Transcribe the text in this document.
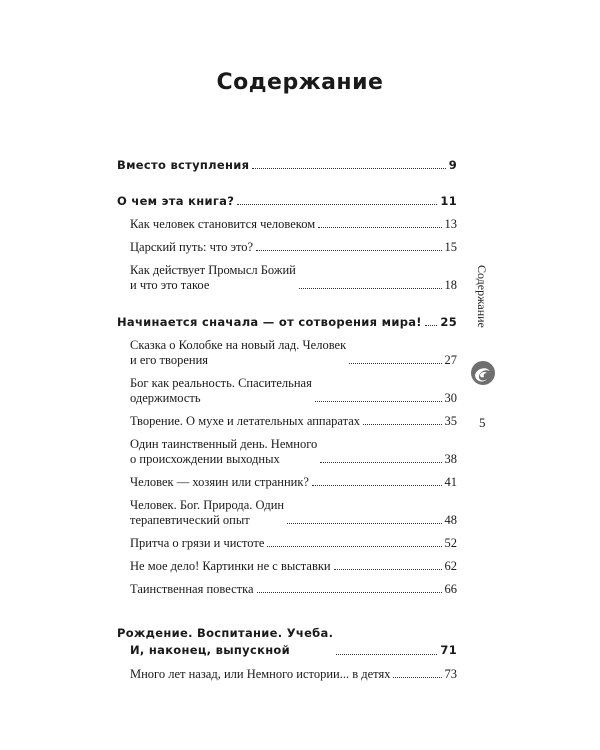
Содержание
Вместо вступления	9
О чем эта книга?	11
Как человек становится человеком	13
Царский путь: что это?	15
Как действует Промысл Божий
и что это такое	18
Начинается сначала — от сотворения мира! 25
Сказка о Колобке на новый лад. Человек
и его творения	27
Бог как реальность. Спасительная
одержимость	30
Творение. О мухе и летательных аппаратах	35
Один таинственный день. Немного
о происхождении выходных	38
Человек — хозяин или странник?	41
Человек. Бог. Природа. Один
терапевтический опыт	48
Притча о грязи и чистоте	52
Не мое дело! Картинки не с выставки	62
Таинственная повестка	66
Рождение. Воспитание. Учеба.
И, наконец, выпускной	71
Много лет назад, или Немного истории... в детях	73
Содержание
5
